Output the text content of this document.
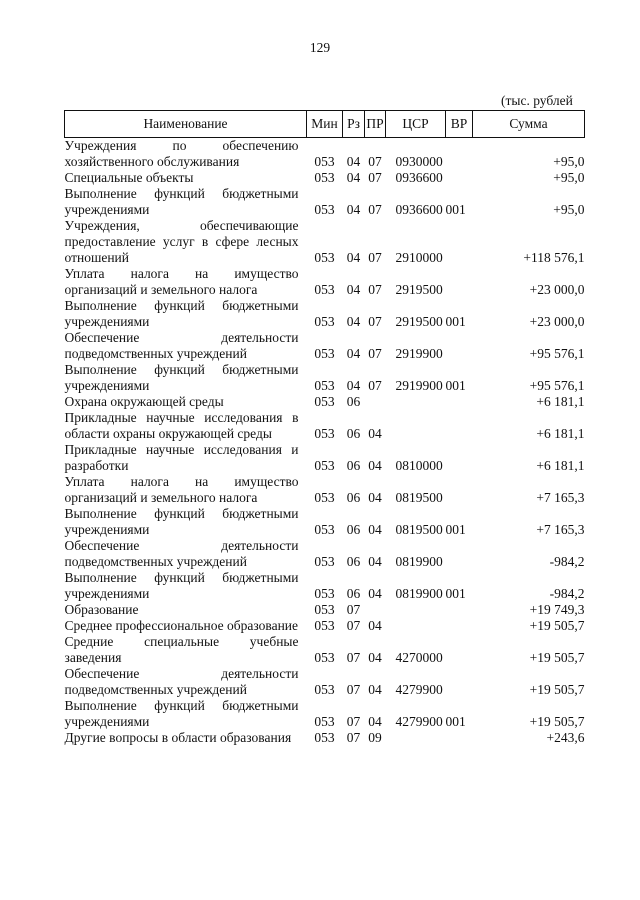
129
(тыс. рублей
Наименование	Мин	Рз	ПР	ЦСР	ВР	Сумма
Учреждения по обеспечению хозяйственного обслуживания	053	04	07	0930000		+95,0
Специальные объекты	053	04	07	0936600		+95,0
Выполнение функций бюджетными учреждениями	053	04	07	0936600	001	+95,0
Учреждения, обеспечивающие предоставление услуг в сфере лесных отношений	053	04	07	2910000		+118 576,1
Уплата налога на имущество организаций и земельного налога	053	04	07	2919500		+23 000,0
Выполнение функций бюджетными учреждениями	053	04	07	2919500	001	+23 000,0
Обеспечение деятельности подведомственных учреждений	053	04	07	2919900		+95 576,1
Выполнение функций бюджетными учреждениями	053	04	07	2919900	001	+95 576,1
Охрана окружающей среды	053	06				+6 181,1
Прикладные научные исследования в области охраны окружающей среды	053	06	04			+6 181,1
Прикладные научные исследования и разработки	053	06	04	0810000		+6 181,1
Уплата налога на имущество организаций и земельного налога	053	06	04	0819500		+7 165,3
Выполнение функций бюджетными учреждениями	053	06	04	0819500	001	+7 165,3
Обеспечение деятельности подведомственных учреждений	053	06	04	0819900		-984,2
Выполнение функций бюджетными учреждениями	053	06	04	0819900	001	-984,2
Образование	053	07				+19 749,3
Среднее профессиональное образование	053	07	04			+19 505,7
Средние специальные учебные заведения	053	07	04	4270000		+19 505,7
Обеспечение деятельности подведомственных учреждений	053	07	04	4279900		+19 505,7
Выполнение функций бюджетными учреждениями	053	07	04	4279900	001	+19 505,7
Другие вопросы в области образования	053	07	09			+243,6
